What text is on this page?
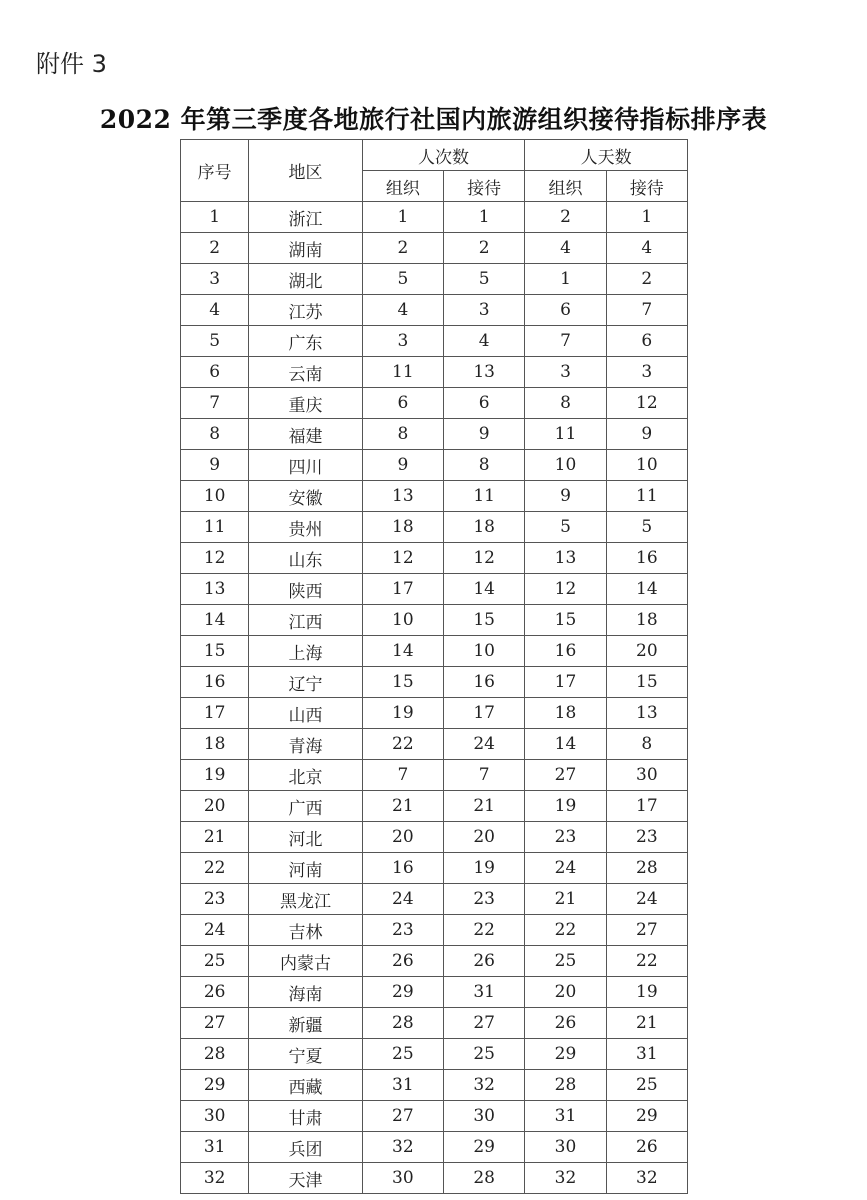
附件 3
2022 年第三季度各地旅行社国内旅游组织接待指标排序表
序号	地区	人次数		人天数	
		组织	接待	组织	接待
1	浙江	1	1	2	1
2	湖南	2	2	4	4
3	湖北	5	5	1	2
4	江苏	4	3	6	7
5	广东	3	4	7	6
6	云南	11	13	3	3
7	重庆	6	6	8	12
8	福建	8	9	11	9
9	四川	9	8	10	10
10	安徽	13	11	9	11
11	贵州	18	18	5	5
12	山东	12	12	13	16
13	陕西	17	14	12	14
14	江西	10	15	15	18
15	上海	14	10	16	20
16	辽宁	15	16	17	15
17	山西	19	17	18	13
18	青海	22	24	14	8
19	北京	7	7	27	30
20	广西	21	21	19	17
21	河北	20	20	23	23
22	河南	16	19	24	28
23	黑龙江	24	23	21	24
24	吉林	23	22	22	27
25	内蒙古	26	26	25	22
26	海南	29	31	20	19
27	新疆	28	27	26	21
28	宁夏	25	25	29	31
29	西藏	31	32	28	25
30	甘肃	27	30	31	29
31	兵团	32	29	30	26
32	天津	30	28	32	32
